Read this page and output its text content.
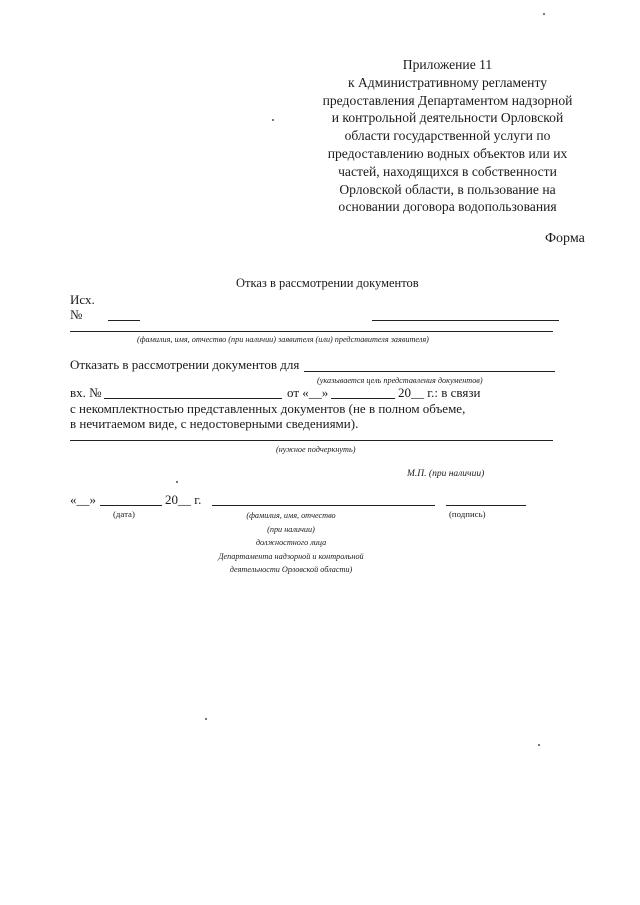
Приложение 11
к Административному регламенту
предоставления Департаментом надзорной
и контрольной деятельности Орловской
области государственной услуги по
предоставлению водных объектов или их
частей, находящихся в собственности
Орловской области, в пользование на
основании договора водопользования
Форма
Отказ в рассмотрении документов
Исх.
№
(фамилия, имя, отчество (при наличии) заявителя (или) представителя заявителя)
Отказать в рассмотрении документов для
(указывается цель представления документов)
вх. №	от «__»	20__ г.: в связи
с некомплектностью представленных документов (не в полном объеме,
в нечитаемом виде, с недостоверными сведениями).
(нужное подчеркнуть)
М.П. (при наличии)
«__»	20__ г.
(дата)	(подпись)
(фамилия, имя, отчество
(при наличии)
должностного лица
Департамента надзорной и контрольной
деятельности Орловской области)
